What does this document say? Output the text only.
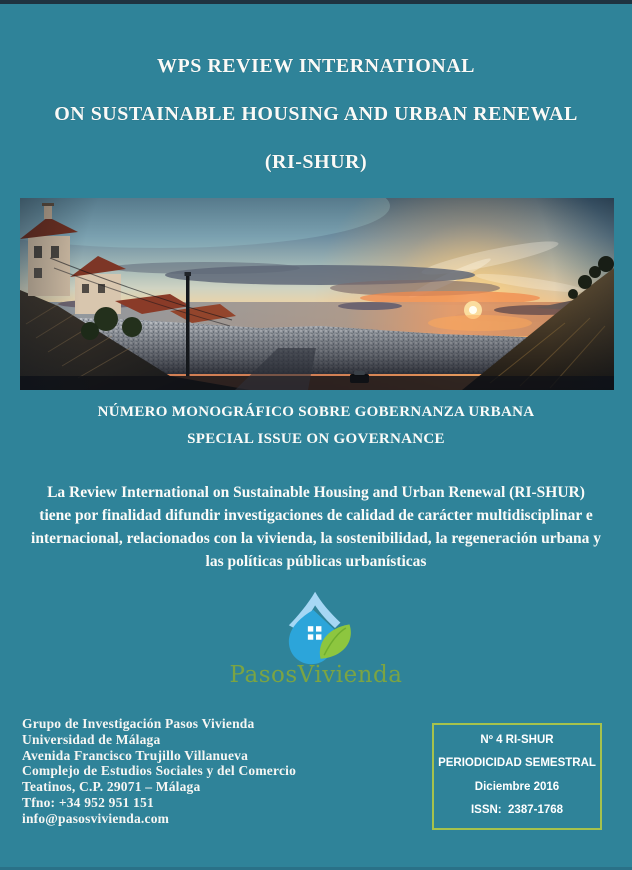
WPS REVIEW INTERNATIONAL

ON SUSTAINABLE HOUSING AND URBAN RENEWAL

(RI-SHUR)

NÚMERO MONOGRÁFICO SOBRE GOBERNANZA URBANA

SPECIAL ISSUE ON GOVERNANCE

La Review International on Sustainable Housing and Urban Renewal (RI-SHUR)

tiene por finalidad difundir investigaciones de calidad de carácter multidisciplinar e

internacional, relacionados con la vivienda, la sostenibilidad, la regeneración urbana y

las políticas públicas urbanísticas

PasosVivienda

Grupo de Investigación Pasos Vivienda

Universidad de Málaga

Avenida Francisco Trujillo Villanueva

Complejo de Estudios Sociales y del Comercio

Teatinos, C.P. 29071 – Málaga

Tfno: +34 952 951 151

info@pasosvivienda.com

Nº 4 RI-SHUR
PERIODICIDAD SEMESTRAL
Diciembre 2016
ISSN:  2387-1768
